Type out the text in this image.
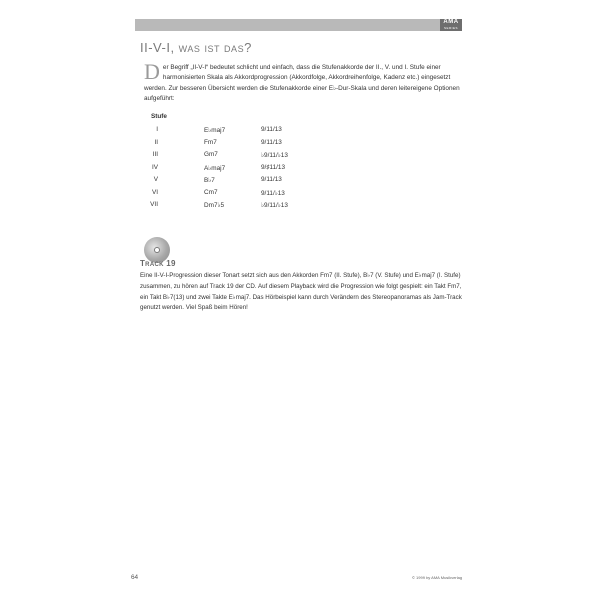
AMA
SERIES
II-V-I, was ist das?

Der Begriff „II-V-I“ bedeutet schlicht und einfach, dass die Stufenakkorde der II., V. und I. Stufe einer harmonisierten Skala als Akkordprogression (Akkordfolge, Akkordreihenfolge, Kadenz etc.) eingesetzt werden. Zur besseren Übersicht werden die Stufenakkorde einer E♭-Dur-Skala und deren leitereigene Optionen aufgeführt:

Stufe
I	E♭maj7	9/11/13
II	Fm7	9/11/13
III	Gm7	♭9/11/♭13
IV	A♭maj7	9/♯11/13
V	B♭7	9/11/13
VI	Cm7	9/11/♭13
VII	Dm7♭5	♭9/11/♭13
Track 19

Eine II-V-I-Progression dieser Tonart setzt sich aus den Akkorden Fm7 (II. Stufe), B♭7 (V. Stufe) und E♭maj7 (I. Stufe) zusammen, zu hören auf Track 19 der CD. Auf diesem Playback wird die Progression wie folgt gespielt: ein Takt Fm7, ein Takt B♭7(13) und zwei Takte E♭maj7. Das Hörbeispiel kann durch Verändern des Stereopanoramas als Jam-Track genutzt werden. Viel Spaß beim Hören!

64	© 1999 by AMA Musikverlag
